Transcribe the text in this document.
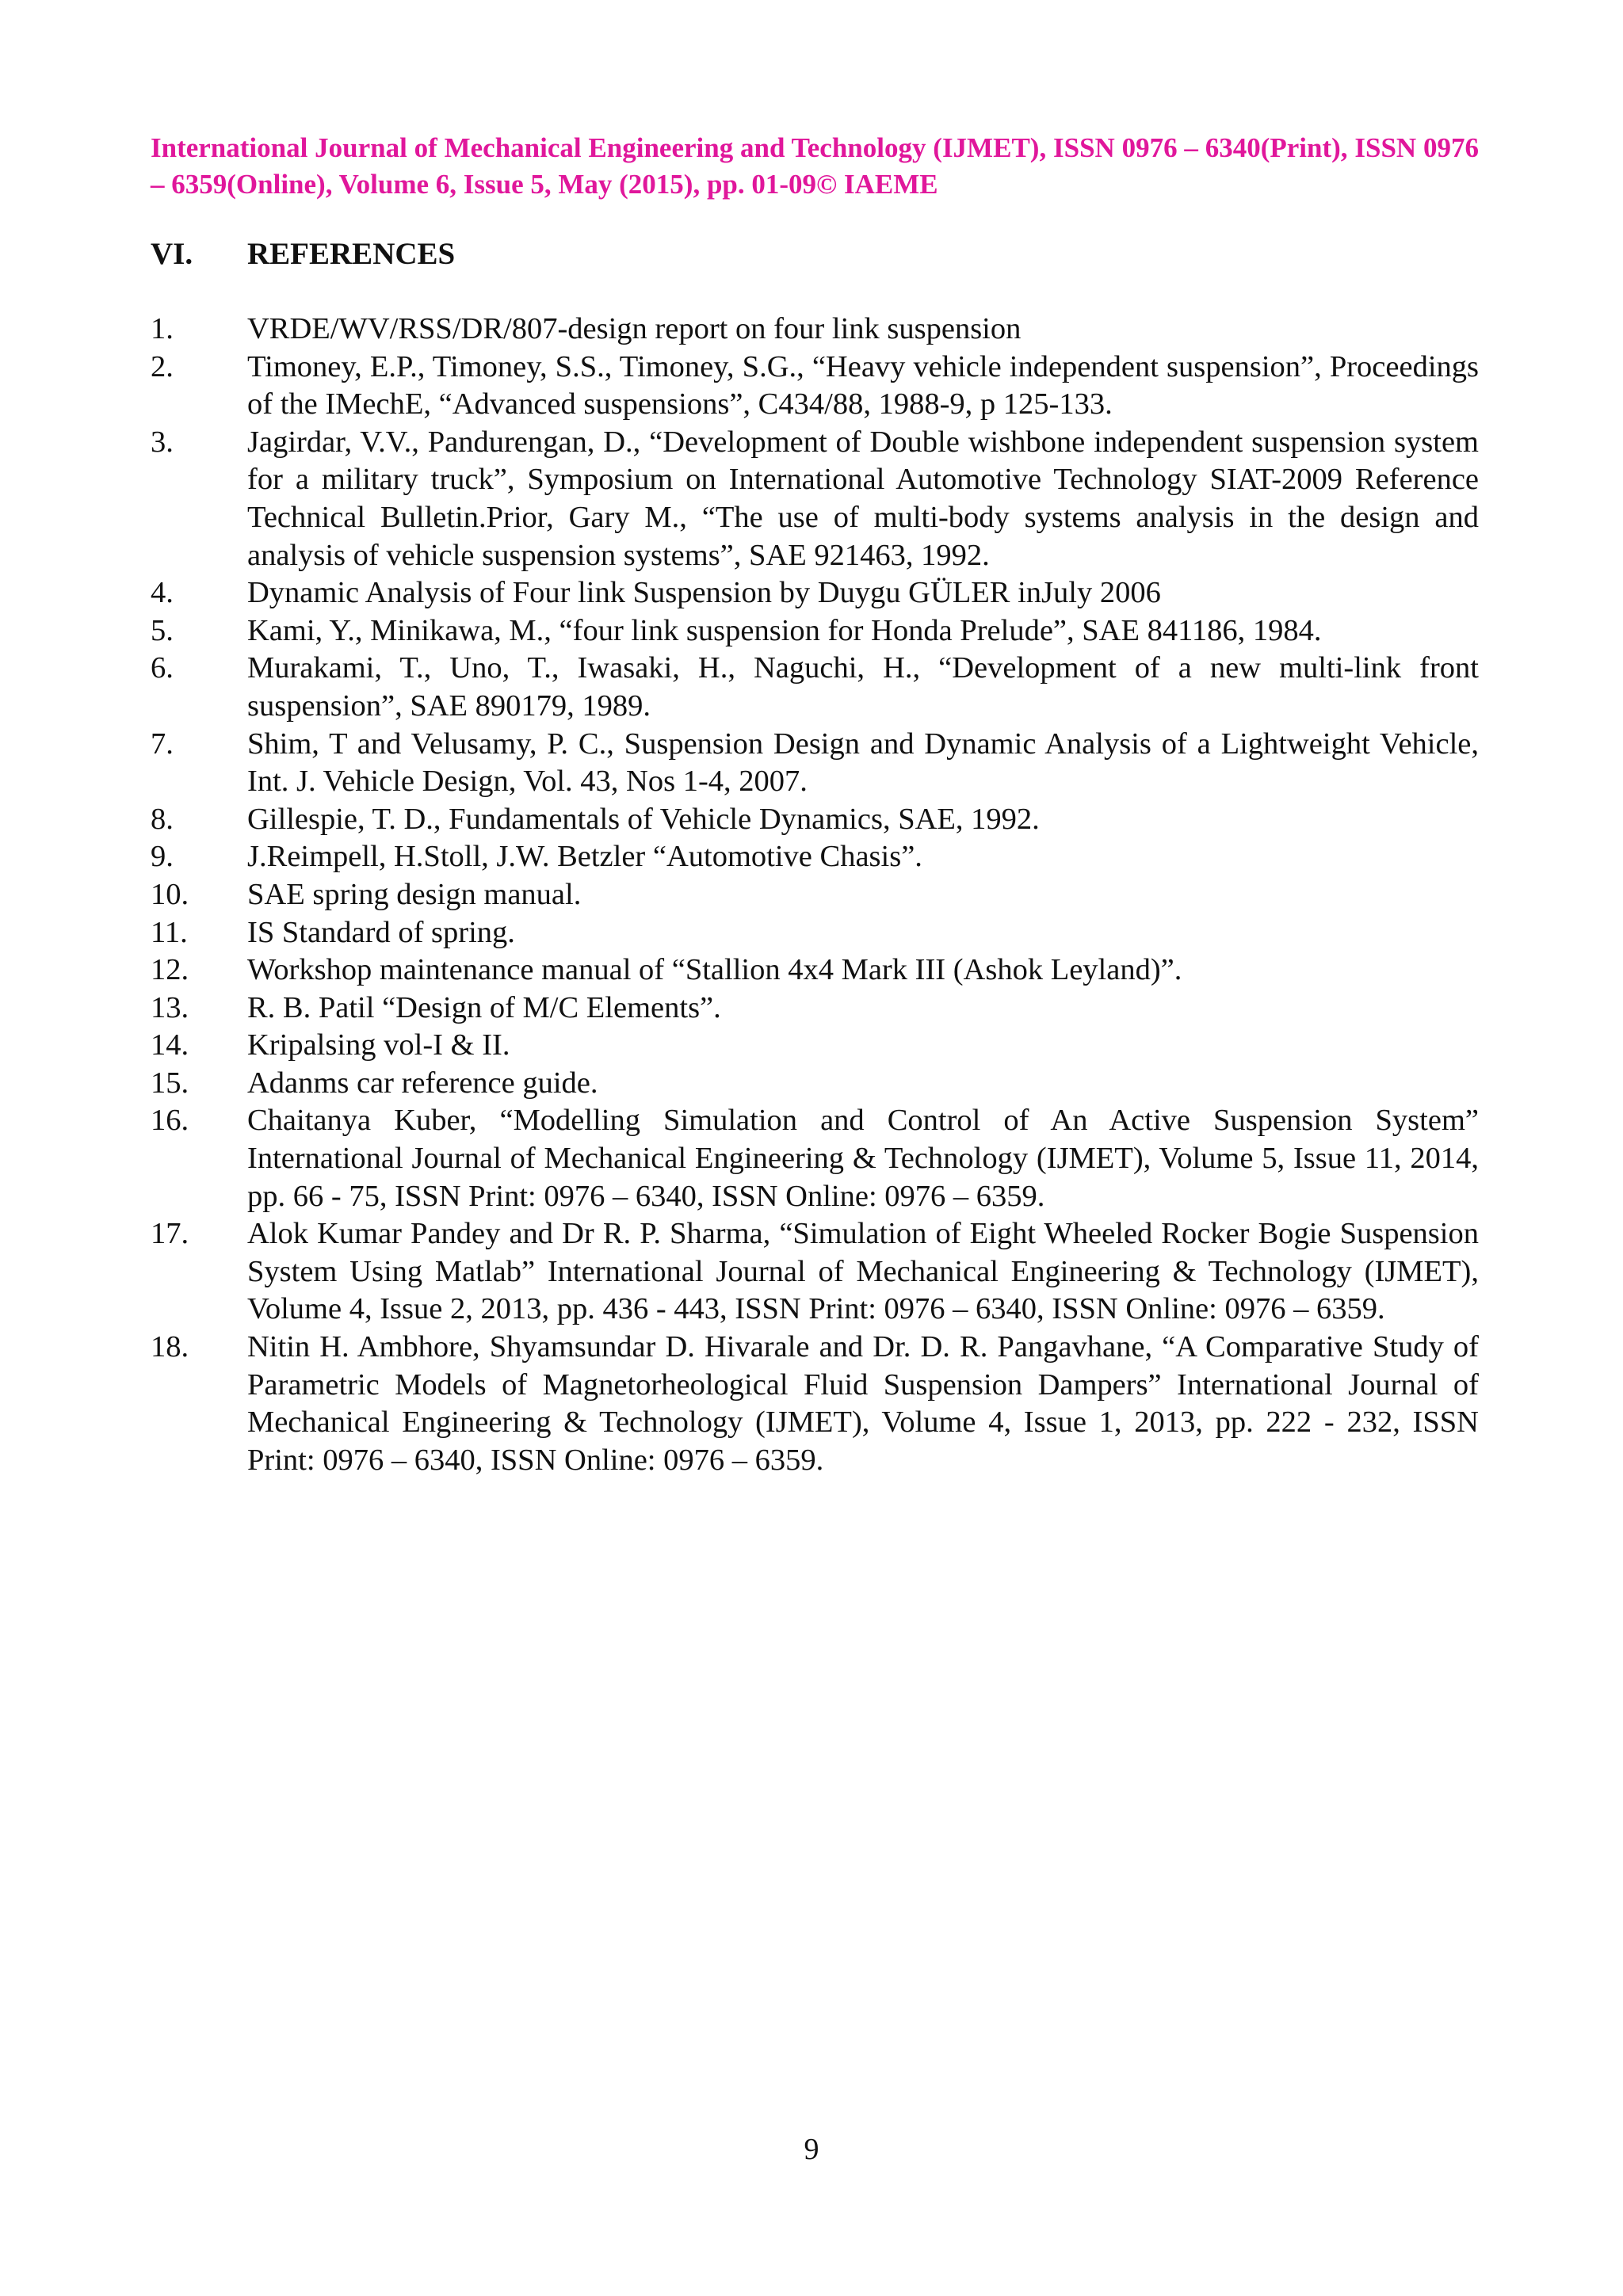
International Journal of Mechanical Engineering and Technology (IJMET), ISSN 0976 – 6340(Print), ISSN 0976 – 6359(Online), Volume 6, Issue 5, May (2015), pp. 01-09© IAEME
VI.	REFERENCES
1.	VRDE/WV/RSS/DR/807-design report on four link suspension
2.	Timoney, E.P., Timoney, S.S., Timoney, S.G., “Heavy vehicle independent suspension”, Proceedings of the IMechE, “Advanced suspensions”, C434/88, 1988-9, p 125-133.
3.	Jagirdar, V.V., Pandurengan, D., “Development of Double wishbone independent suspension system for a military truck”, Symposium on International Automotive Technology SIAT-2009 Reference Technical Bulletin.Prior, Gary M., “The use of multi-body systems analysis in the design and analysis of vehicle suspension systems”, SAE 921463, 1992.
4.	Dynamic Analysis of Four link Suspension by Duygu GÜLER inJuly 2006
5.	Kami, Y., Minikawa, M., “four link suspension for Honda Prelude”, SAE 841186, 1984.
6.	Murakami, T., Uno, T., Iwasaki, H., Naguchi, H., “Development of a new multi-link front suspension”, SAE 890179, 1989.
7.	Shim, T and Velusamy, P. C., Suspension Design and Dynamic Analysis of a Lightweight Vehicle, Int. J. Vehicle Design, Vol. 43, Nos 1-4, 2007.
8.	Gillespie, T. D., Fundamentals of Vehicle Dynamics, SAE, 1992.
9.	J.Reimpell, H.Stoll, J.W. Betzler “Automotive Chasis”.
10.	SAE spring design manual.
11.	IS Standard of spring.
12.	Workshop maintenance manual of “Stallion 4x4 Mark III (Ashok Leyland)”.
13.	R. B. Patil “Design of M/C Elements”.
14.	Kripalsing vol-I & II.
15.	Adanms car reference guide.
16.	Chaitanya Kuber, “Modelling Simulation and Control of An Active Suspension System” International Journal of Mechanical Engineering & Technology (IJMET), Volume 5, Issue 11, 2014, pp. 66 - 75, ISSN Print: 0976 – 6340, ISSN Online: 0976 – 6359.
17.	Alok Kumar Pandey and Dr R. P. Sharma, “Simulation of Eight Wheeled Rocker Bogie Suspension System Using Matlab” International Journal of Mechanical Engineering & Technology (IJMET), Volume 4, Issue 2, 2013, pp. 436 - 443, ISSN Print: 0976 – 6340, ISSN Online: 0976 – 6359.
18.	Nitin H. Ambhore, Shyamsundar D. Hivarale and Dr. D. R. Pangavhane, “A Comparative Study of Parametric Models of Magnetorheological Fluid Suspension Dampers” International Journal of Mechanical Engineering & Technology (IJMET), Volume 4, Issue 1, 2013, pp. 222 - 232, ISSN Print: 0976 – 6340, ISSN Online: 0976 – 6359.
9
